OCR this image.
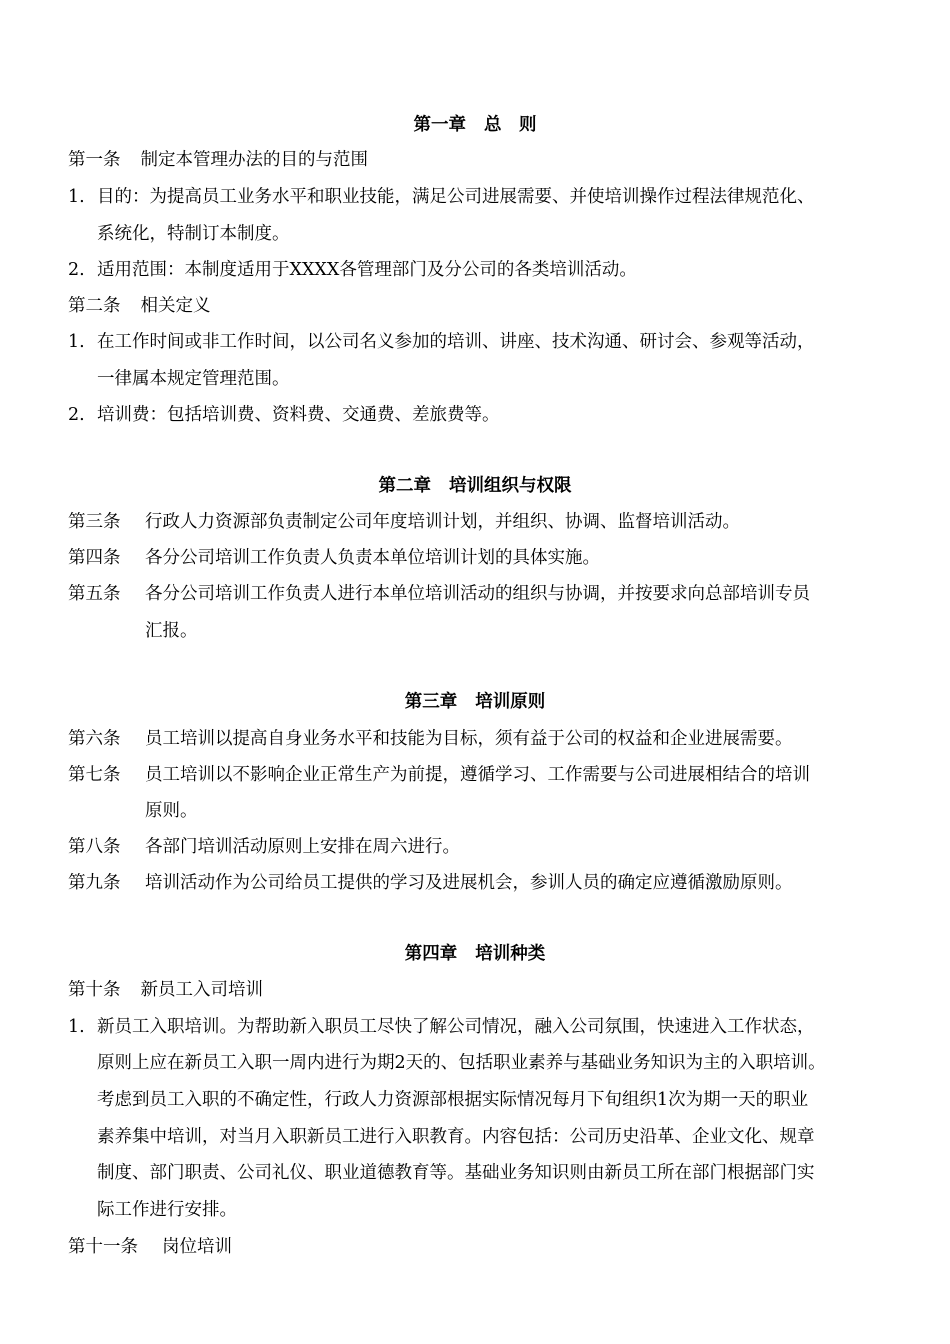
第一章 总　则
第一条 制定本管理办法的目的与范围
1. 目的：为提高员工业务水平和职业技能，满足公司进展需要、并使培训操作过程法律规范化、
系统化，特制订本制度。
2. 适用范围：本制度适用于XXXX各管理部门及分公司的各类培训活动。
第二条 相关定义
1. 在工作时间或非工作时间，以公司名义参加的培训、讲座、技术沟通、研讨会、参观等活动，
一律属本规定管理范围。
2. 培训费：包括培训费、资料费、交通费、差旅费等。
第二章 培训组织与权限
第三条 行政人力资源部负责制定公司年度培训计划，并组织、协调、监督培训活动。
第四条 各分公司培训工作负责人负责本单位培训计划的具体实施。
第五条 各分公司培训工作负责人进行本单位培训活动的组织与协调，并按要求向总部培训专员
汇报。
第三章 培训原则
第六条 员工培训以提高自身业务水平和技能为目标，须有益于公司的权益和企业进展需要。
第七条 员工培训以不影响企业正常生产为前提，遵循学习、工作需要与公司进展相结合的培训
原则。
第八条 各部门培训活动原则上安排在周六进行。
第九条 培训活动作为公司给员工提供的学习及进展机会，参训人员的确定应遵循激励原则。
第四章 培训种类
第十条 新员工入司培训
1. 新员工入职培训。为帮助新入职员工尽快了解公司情况，融入公司氛围，快速进入工作状态，
原则上应在新员工入职一周内进行为期2天的、包括职业素养与基础业务知识为主的入职培训。
考虑到员工入职的不确定性，行政人力资源部根据实际情况每月下旬组织1次为期一天的职业
素养集中培训，对当月入职新员工进行入职教育。内容包括：公司历史沿革、企业文化、规章
制度、部门职责、公司礼仪、职业道德教育等。基础业务知识则由新员工所在部门根据部门实
际工作进行安排。
第十一条 岗位培训
